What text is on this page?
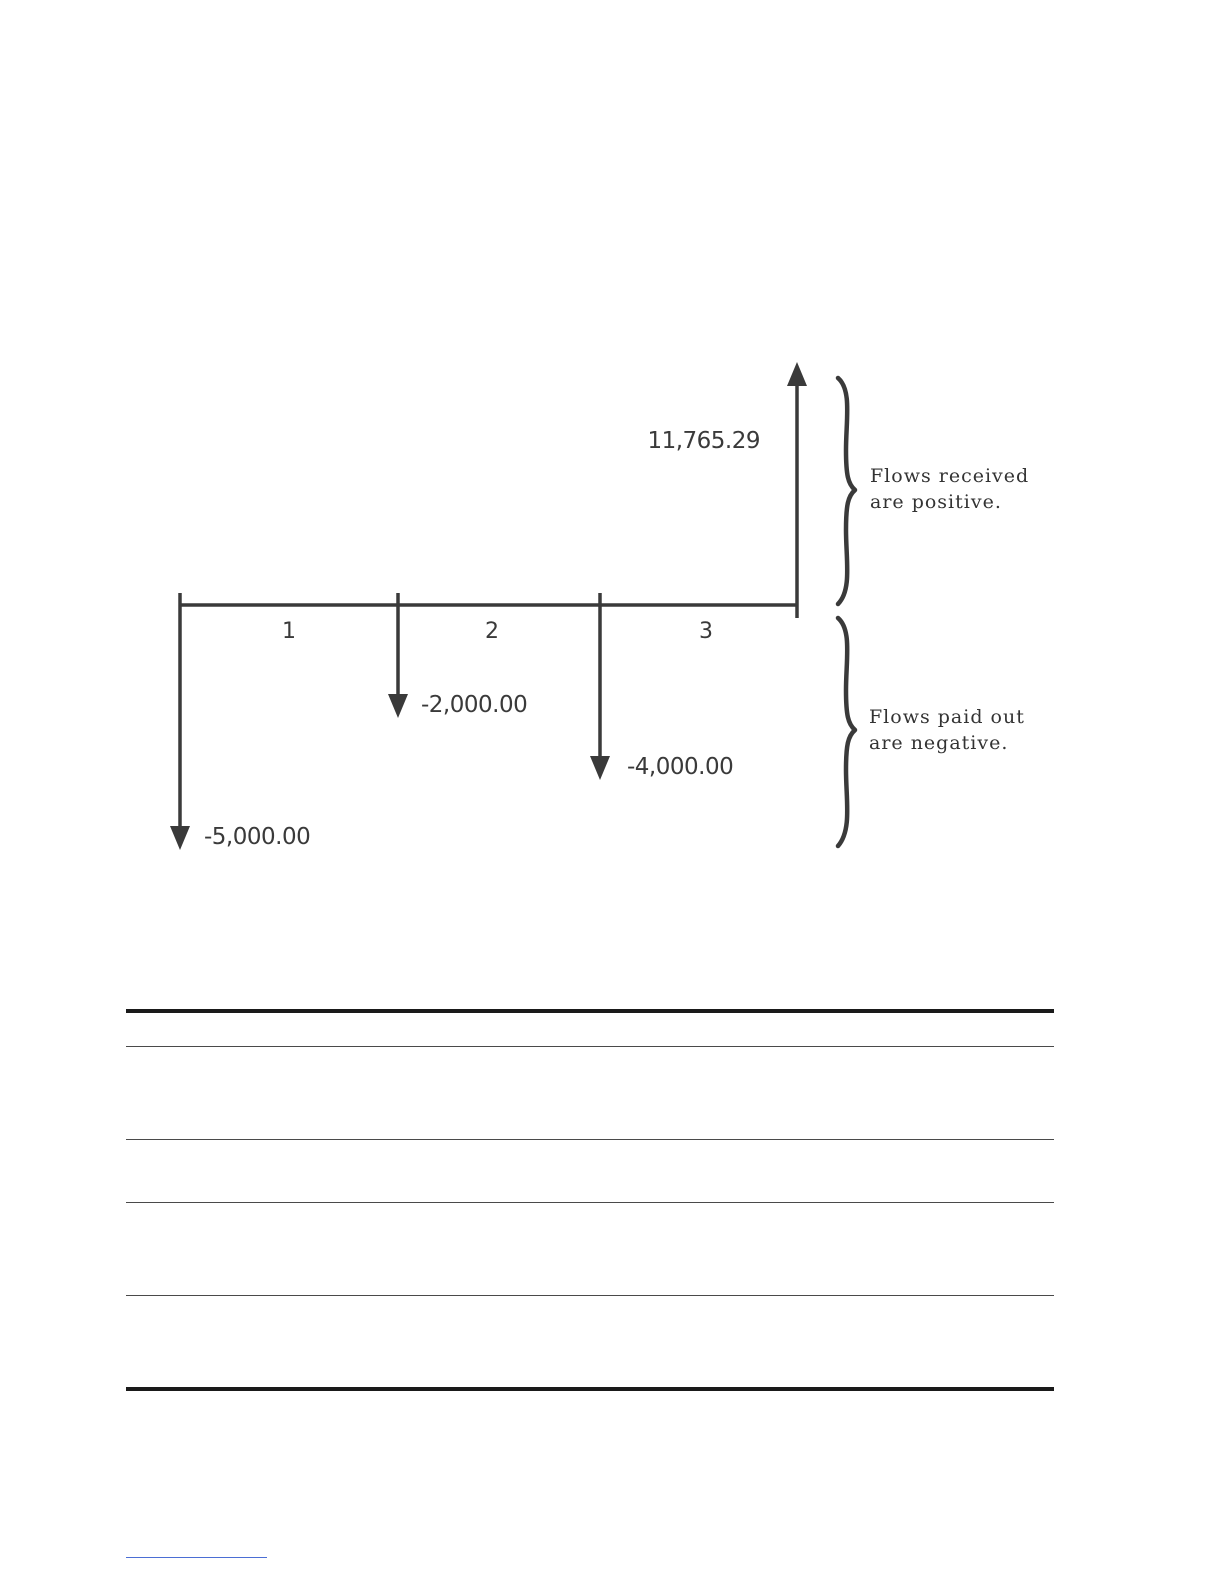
1	2	3
-5,000.00
-2,000.00
-4,000.00
11,765.29
Flows received
are positive.
Flows paid out
are negative.
